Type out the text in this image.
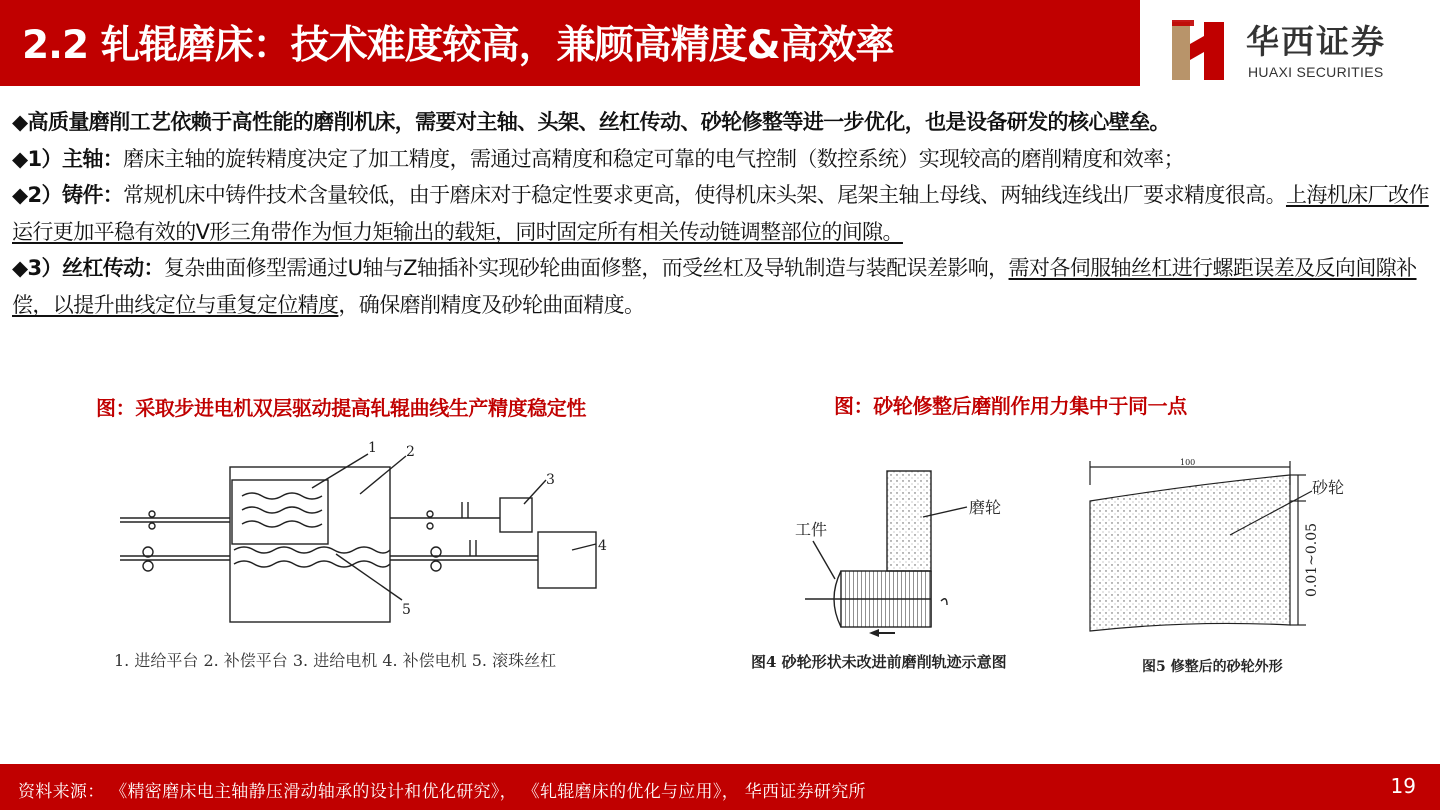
2.2 轧辊磨床：技术难度较高，兼顾高精度&高效率	华西证券
HUAXI SECURITIES

◆高质量磨削工艺依赖于高性能的磨削机床，需要对主轴、头架、丝杠传动、砂轮修整等进一步优化，也是设备研发的核心壁垒。

◆1）主轴：磨床主轴的旋转精度决定了加工精度，需通过高精度和稳定可靠的电气控制（数控系统）实现较高的磨削精度和效率；

◆2）铸件：常规机床中铸件技术含量较低，由于磨床对于稳定性要求更高，使得机床头架、尾架主轴上母线、两轴线连线出厂要求精度很高。上海机床厂改作运行更加平稳有效的V形三角带作为恒力矩输出的载矩，同时固定所有相关传动链调整部位的间隙。

◆3）丝杠传动：复杂曲面修型需通过U轴与Z轴插补实现砂轮曲面修整，而受丝杠及导轨制造与装配误差影响，需对各伺服轴丝杠进行螺距误差及反向间隙补偿，以提升曲线定位与重复定位精度，确保磨削精度及砂轮曲面精度。

图：采取步进电机双层驱动提高轧辊曲线生产精度稳定性	图：砂轮修整后磨削作用力集中于同一点
1 2
3
4
5
1. 进给平台 2. 补偿平台 3. 进给电机 4. 补偿电机 5. 滚珠丝杠
磨轮
工件
图4 砂轮形状未改进前磨削轨迹示意图
100
砂轮
0.01~0.05
图5 修整后的砂轮外形
资料来源： 《精密磨床电主轴静压滑动轴承的设计和优化研究》， 《轧辊磨床的优化与应用》， 华西证券研究所	19
